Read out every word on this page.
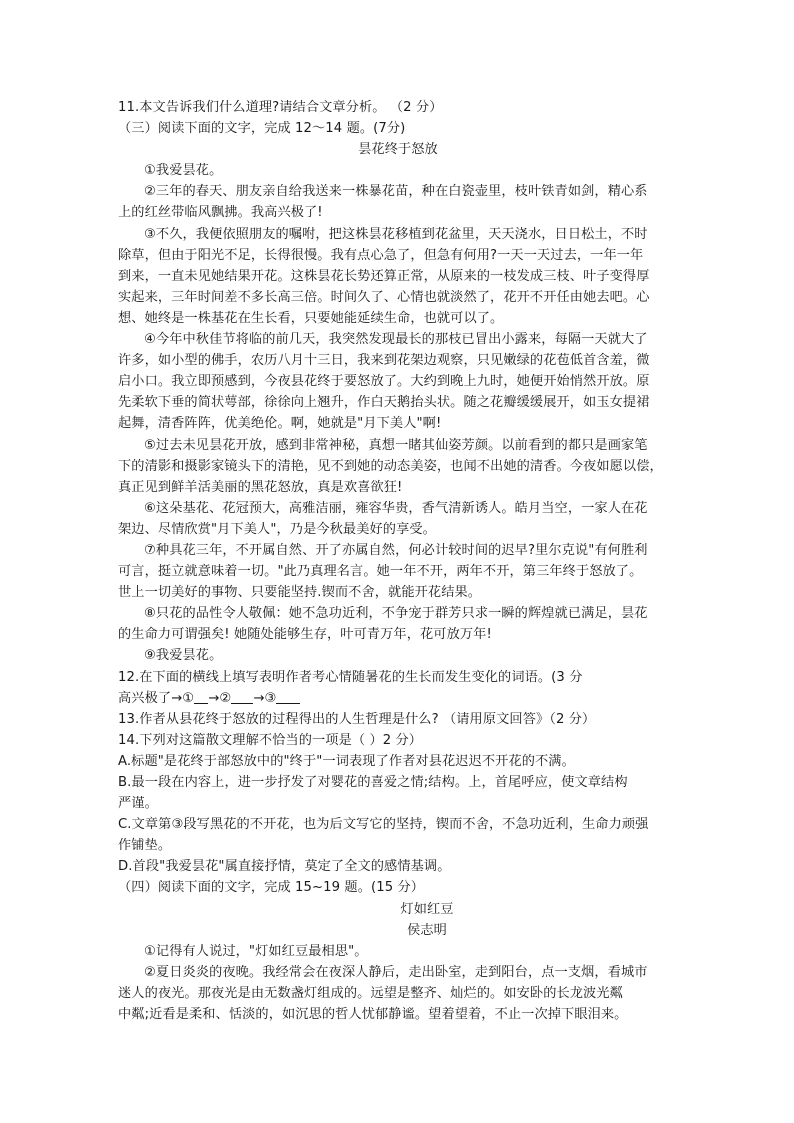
11.本文告诉我们什么道理?请结合文章分析。 （2 分）
（三）阅读下面的文字，完成 12～14 题。(7分)
昙花终于怒放
①我爱昙花。
②三年的春天、朋友亲自给我送来一株暴花苗，种在白瓷壶里，枝叶铁青如剑，精心系
上的红丝带临风飘拂。我高兴极了!
③不久，我便依照朋友的嘱咐，把这株昙花移植到花盆里，天天浇水，日日松土，不时
除草，但由于阳光不足，长得很慢。我有点心急了，但急有何用?一天一天过去，一年一年
到来，一直未见她结果开花。这株昙花长势还算正常，从原来的一枝发成三枝、叶子变得厚
实起来，三年时间差不多长高三倍。时间久了、心情也就淡然了，花开不开任由她去吧。心
想、她终是一株基花在生长看，只要她能延续生命，也就可以了。
④今年中秋佳节将临的前几天，我突然发现最长的那枝已冒出小露来，每隔一天就大了
许多，如小型的佛手，农历八月十三日，我来到花架边观察，只见嫩绿的花苞低首含羞，微
启小口。我立即预感到，今夜县花终于要怒放了。大约到晚上九时，她便开始悄然开放。原
先柔软下垂的简状萼部，徐徐向上翘升，作白天鹅抬头状。随之花瓣缓缓展开，如玉女提裙
起舞，清香阵阵，优美绝伦。啊，她就是"月下美人"啊!
⑤过去未见昙花开放，感到非常神秘，真想一睹其仙姿芳颜。以前看到的都只是画家笔
下的清影和摄影家镜头下的清艳，见不到她的动态美姿，也闻不出她的清香。今夜如愿以偿，
真正见到鲜羊活美丽的黑花怒放，真是欢喜欲狂!
⑥这朵基花、花冠预大，高雅洁丽，雍容华贵，香气清新诱人。皓月当空，一家人在花
架边、尽情欣赏"月下美人"，乃是今秋最美好的享受。
⑦种具花三年，不开属自然、开了亦属自然，何必计较时间的迟早?里尔克说"有何胜利
可言，挺立就意味着一切。"此乃真理名言。她一年不开，两年不开，第三年终于怒放了。
世上一切美好的事物、只要能坚持.锲而不舍，就能开花结果。
⑧只花的品性令人敬佩：她不急功近利，不争宠于群芳只求一瞬的辉煌就已满足，昙花
的生命力可谓强矣! 她随处能够生存，叶可青万年，花可放万年!
⑨我爱昙花。
12.在下面的横线上填写表明作者考心情随暑花的生长而发生变化的词语。(3 分
高兴极了→① →② →③
13.作者从县花终于怒放的过程得出的人生哲理是什么? （请用原文回答》（2 分）
14.下列对这篇散文理解不恰当的一项是（ ）2 分）
A.标题"是花终于部怒放中的"终于"一词表现了作者对县花迟迟不开花的不满。
B.最一段在内容上，进一步抒发了对婴花的喜爱之情;结构。上，首尾呼应，使文章结构
严谨。
C.文章第③段写黑花的不开花，也为后文写它的坚持，锲而不舍，不急功近利，生命力顽强
作铺垫。
D.首段"我爱昙花"属直接抒情，莫定了全文的感情基调。
（四）阅读下面的文字，完成 15~19 题。(15 分）
灯如红豆
侯志明
①记得有人说过，"灯如红豆最相思"。
②夏日炎炎的夜晚。我经常会在夜深人静后，走出卧室，走到阳台，点一支烟，看城市
迷人的夜光。那夜光是由无数盏灯组成的。远望是整齐、灿烂的。如安卧的长龙波光粼
中粼;近看是柔和、恬淡的，如沉思的哲人忧郁静谧。望着望着，不止一次掉下眼泪来。
